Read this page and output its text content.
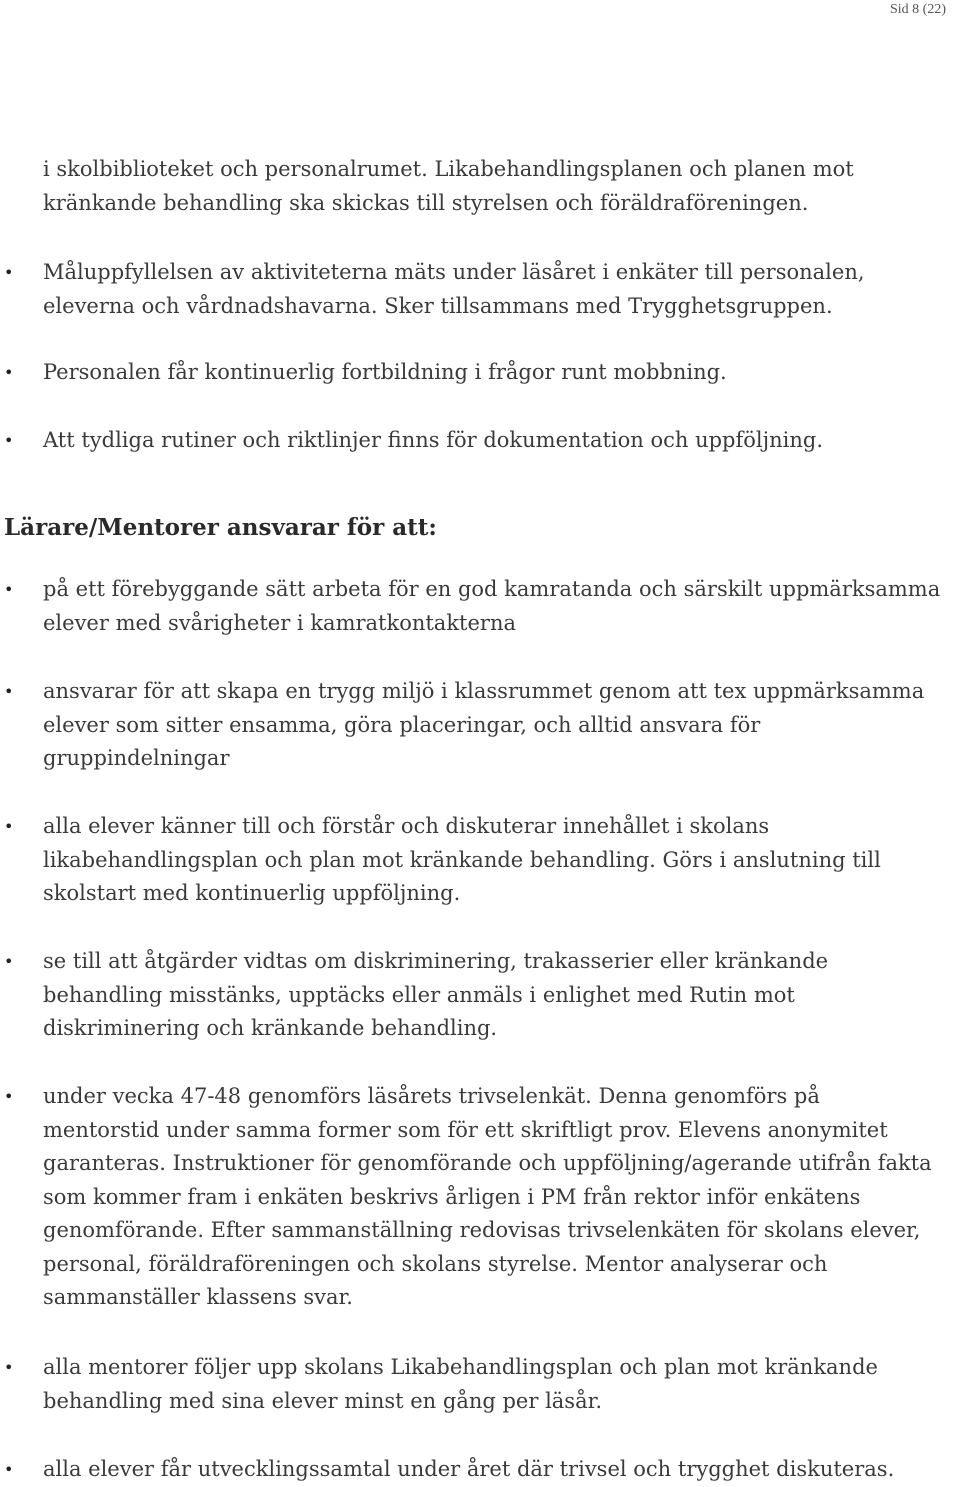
Sid 8 (22)
i skolbiblioteket och personalrumet. Likabehandlingsplanen och planen mot
kränkande behandling ska skickas till styrelsen och föräldraföreningen.
• Måluppfyllelsen av aktiviteterna mäts under läsåret i enkäter till personalen,
eleverna och vårdnadshavarna. Sker tillsammans med Trygghetsgruppen.
• Personalen får kontinuerlig fortbildning i frågor runt mobbning.
• Att tydliga rutiner och riktlinjer finns för dokumentation och uppföljning.
Lärare/Mentorer ansvarar för att:
• på ett förebyggande sätt arbeta för en god kamratanda och särskilt uppmärksamma
elever med svårigheter i kamratkontakterna
• ansvarar för att skapa en trygg miljö i klassrummet genom att tex uppmärksamma
elever som sitter ensamma, göra placeringar, och alltid ansvara för
gruppindelningar
• alla elever känner till och förstår och diskuterar innehållet i skolans
likabehandlingsplan och plan mot kränkande behandling. Görs i anslutning till
skolstart med kontinuerlig uppföljning.
• se till att åtgärder vidtas om diskriminering, trakasserier eller kränkande
behandling misstänks, upptäcks eller anmäls i enlighet med Rutin mot
diskriminering och kränkande behandling.
• under vecka 47-48 genomförs läsårets trivselenkät. Denna genomförs på
mentorstid under samma former som för ett skriftligt prov. Elevens anonymitet
garanteras. Instruktioner för genomförande och uppföljning/agerande utifrån fakta
som kommer fram i enkäten beskrivs årligen i PM från rektor inför enkätens
genomförande. Efter sammanställning redovisas trivselenkäten för skolans elever,
personal, föräldraföreningen och skolans styrelse. Mentor analyserar och
sammanställer klassens svar.
• alla mentorer följer upp skolans Likabehandlingsplan och plan mot kränkande
behandling med sina elever minst en gång per läsår.
• alla elever får utvecklingssamtal under året där trivsel och trygghet diskuteras.
